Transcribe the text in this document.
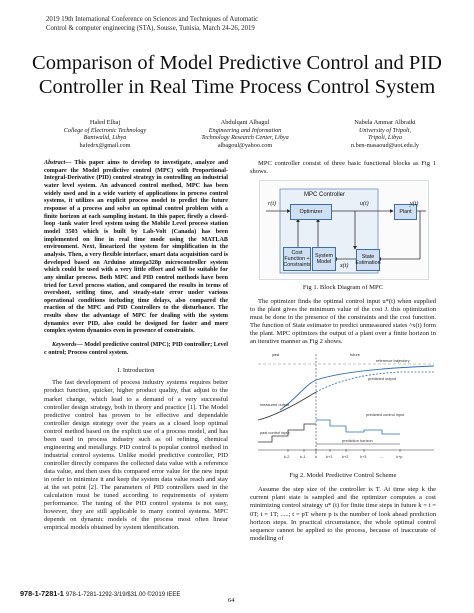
2019 19th International Conference on Sciences and Techniques of Automatic
Control & computer engineering (STA), Sousse, Tunisia, March 24-26, 2019
Comparison of Model Predictive Control and PID
Controller in Real Time Process Control System
Haled Elhaj
College of Electronic Technology
Baniwalid, Libya
hafedrx@gmail.com
Abdulqani Albagul
Engineering and Information
Technology Research Center, Libya
albagoul@yahoo.com
Nabela Ammar Albraiki
University of Tripoli,
Tripoli, Libya
n.ben-masaoud@uot.edu.ly

Abstract— This paper aims to develop to investigate, analyze and compare the Model predictive control (MPC) with Proportional-Integral-Derivative (PID) control strategy in controlling an industrial water level system. An advanced control method, MPC has been widely used and in a wide variety of applications in process control systems, it utilizes an explicit process model to predict the future response of a process and solve an optimal control problem with a finite horizon at each sampling instant. In this paper, firstly a closed-loop -tank water level system using the Mobile Level process station model 3503 which is built by Lab-Volt (Canada) has been implemented on line in real time mode using the MATLAB environment. Next, linearized the system for simplification in the analysis. Then, a very flexible interface, smart data acquisition card is developed based on Arduino atmega328p microcontroller system which could be used with a very little effort and will be suitable for any similar process. Both MPC and PID control methods have been tried for Level process station, and compared the results in terms of overshoot, settling time, and steady-state error under various operational conditions including time delays, also compared the reaction of the MPC and PID Controllers to the disturbance. The results show the advantage of MPC for dealing with the system dynamics over PID, also could be designed for faster and more complex system dynamics even in presence of constraints.

Keywords— Model predictive control (MPC); PID controller; Level c ontrol; Process control system.

I. Introduction

The fast development of process industry systems requires better product function, quicker, higher product quality, that adjust to the market change, which lead to a demand of a very successful controller design strategy, both in theory and practice [1]. The Model predictive control has proven to be effective and dependable controller design strategy over the years as a closed loop optimal control method based on the explicit use of a process model, and has been used in process industry such as oil refining, chemical engineering and metallurgy. PID control is popular control method in industrial control systems. Unlike model predictive controller, PID controller directly compares the collected data value with a reference data value, and then uses this compared error value for the new input in order to minimize it and keep the system data value reach and stay at the set point [2]. The parameters of PID controllers used in the calculation must be tuned according to requirements of system performance. The tuning of the PID control systems is not easy, however, they are still applicable to many control systems. MPC depends on dynamic models of the process most often linear empirical models obtained by system identification.

MPC controller consist of three basic functional blocks as Fig 1 shows.

MPC Controller
Optimizer
Cost Function + Constraints
System Model
State Estimation
Plant
r(t)	u(t)	y(t)
x(t)
Fig 1. Block Diagram of MPC

The optimizer finds the optimal control input u*(t) when supplied to the plant gives the minimum value of the cost J. this optimization must be done in the presence of the constraints and the cost function. The function of State estimator to predict unmeasured states ^x(t) form the plant. MPC optimizes the output of a plant over a finite horizon in an iterative manner as Fig 2 shows.

past	future
reference trajectory
predicted output
measured output
predicted control input
past control input
prediction horizon
k-2	k-1 k k+1 k+2	k+3	...	k+p
Fig 2. Model Predictive Control Scheme

Assume the step size of the controller is T. At time step k the current plant state is sampled and the optimizer computes a cost minimizing control strategy u* (t) for finite time steps in future k = t = 0T; t = 1T; .....; t = pT where p is the number of look ahead prediction horizon steps. In practical circumstance, the whole optimal control sequence cannot be applied to the process, because of inaccurate of modelling of

978-1-7281-1 978-1-7281-1292-3/19/$31.00 ©2019 IEEE
64
